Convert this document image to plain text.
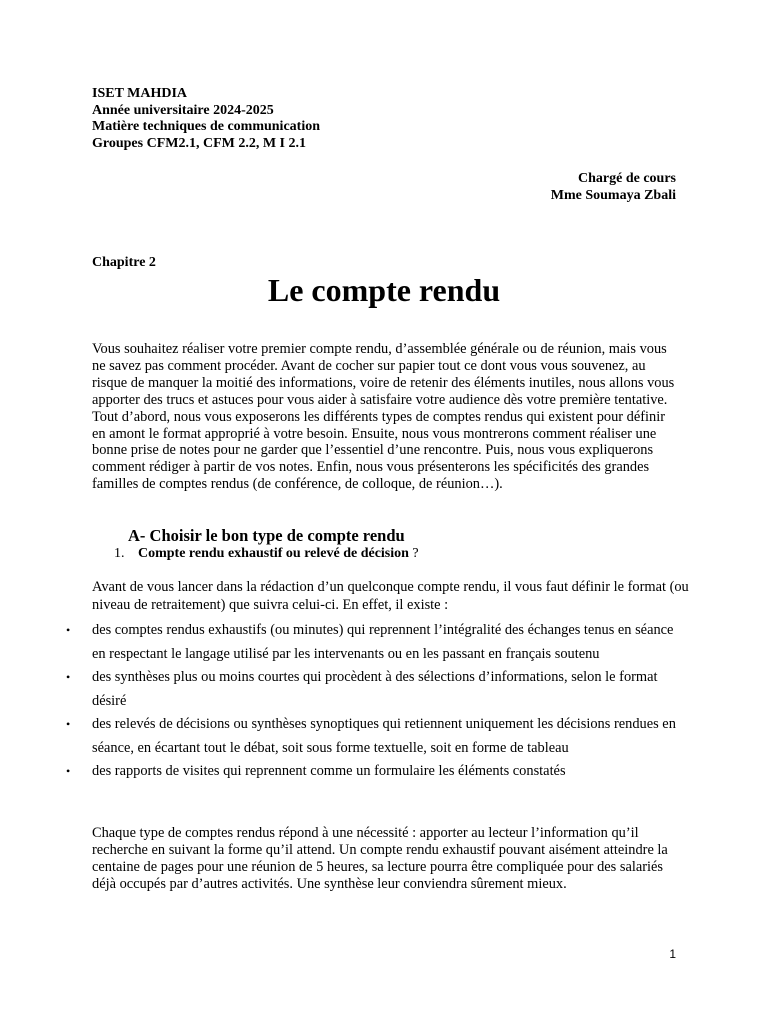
ISET MAHDIA
Année universitaire 2024-2025
Matière techniques de communication
Groupes CFM2.1, CFM 2.2, M I 2.1
Chargé de cours
Mme Soumaya Zbali
Chapitre 2
Le compte rendu

Vous souhaitez réaliser votre premier compte rendu, d’assemblée générale ou de réunion, mais vous ne savez pas comment procéder. Avant de cocher sur papier tout ce dont vous vous souvenez, au risque de manquer la moitié des informations, voire de retenir des éléments inutiles, nous allons vous apporter des trucs et astuces pour vous aider à satisfaire votre audience dès votre première tentative.

Tout d’abord, nous vous exposerons les différents types de comptes rendus qui existent pour définir en amont le format approprié à votre besoin. Ensuite, nous vous montrerons comment réaliser une bonne prise de notes pour ne garder que l’essentiel d’une rencontre. Puis, nous vous expliquerons comment rédiger à partir de vos notes. Enfin, nous vous présenterons les spécificités des grandes familles de comptes rendus (de conférence, de colloque, de réunion…).

A- Choisir le bon type de compte rendu
1. Compte rendu exhaustif ou relevé de décision ?
Avant de vous lancer dans la rédaction d’un quelconque compte rendu, il vous faut définir le format (ou niveau de retraitement) que suivra celui-ci. En effet, il existe :
• des comptes rendus exhaustifs (ou minutes) qui reprennent l’intégralité des échanges tenus en séance en respectant le langage utilisé par les intervenants ou en les passant en français soutenu
• des synthèses plus ou moins courtes qui procèdent à des sélections d’informations, selon le format désiré
• des relevés de décisions ou synthèses synoptiques qui retiennent uniquement les décisions rendues en séance, en écartant tout le débat, soit sous forme textuelle, soit en forme de tableau
• des rapports de visites qui reprennent comme un formulaire les éléments constatés
Chaque type de comptes rendus répond à une nécessité : apporter au lecteur l’information qu’il recherche en suivant la forme qu’il attend. Un compte rendu exhaustif pouvant aisément atteindre la centaine de pages pour une réunion de 5 heures, sa lecture pourra être compliquée pour des salariés déjà occupés par d’autres activités. Une synthèse leur conviendra sûrement mieux.
1
